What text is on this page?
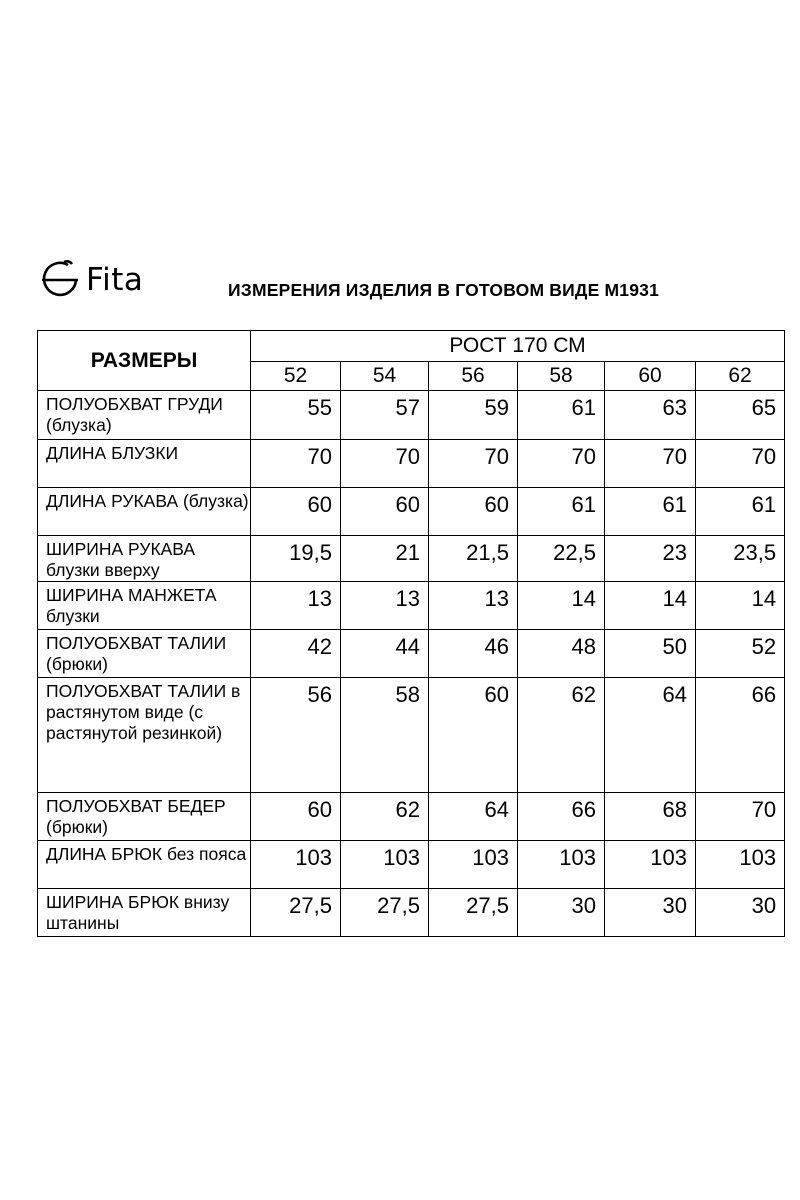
Fita	ИЗМЕРЕНИЯ ИЗДЕЛИЯ В ГОТОВОМ ВИДЕ М1931
РАЗМЕРЫ	РОСТ 170 СМ					
	52	54	56	58	60	62
ПОЛУОБХВАТ ГРУДИ (блузка)	55	57	59	61	63	65
ДЛИНА БЛУЗКИ	70	70	70	70	70	70
ДЛИНА РУКАВА (блузка)	60	60	60	61	61	61
ШИРИНА РУКАВА блузки вверху	19,5	21	21,5	22,5	23	23,5
ШИРИНА МАНЖЕТА блузки	13	13	13	14	14	14
ПОЛУОБХВАТ ТАЛИИ (брюки)	42	44	46	48	50	52
ПОЛУОБХВАТ ТАЛИИ в растянутом виде (с растянутой резинкой)	56	58	60	62	64	66
ПОЛУОБХВАТ БЕДЕР (брюки)	60	62	64	66	68	70
ДЛИНА БРЮК без пояса	103	103	103	103	103	103
ШИРИНА БРЮК внизу штанины	27,5	27,5	27,5	30	30	30
